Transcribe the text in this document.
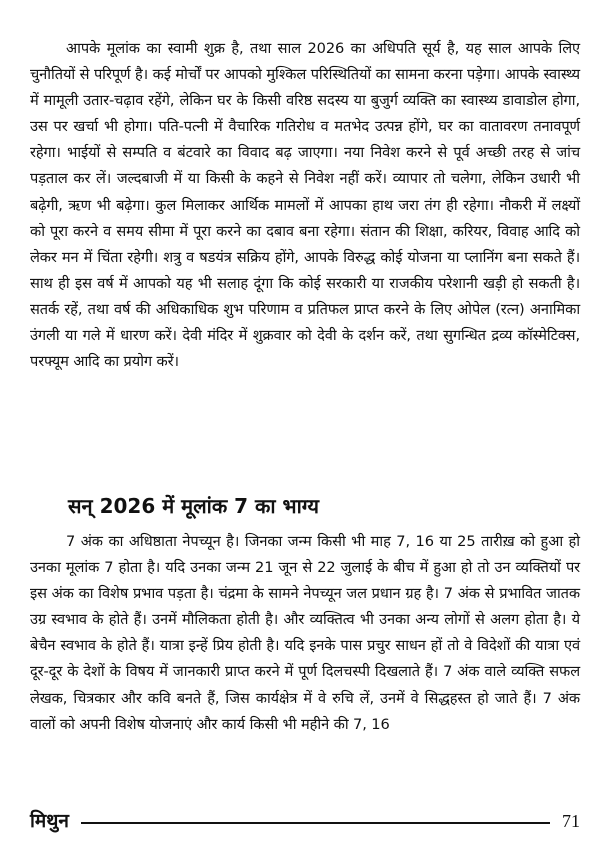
आपके मूलांक का स्वामी शुक्र है, तथा साल 2026 का अधिपति सूर्य है, यह साल आपके लिए चुनौतियों से परिपूर्ण है। कई मोर्चों पर आपको मुश्किल परिस्थितियों का सामना करना पड़ेगा। आपके स्वास्थ्य में मामूली उतार-चढ़ाव रहेंगे, लेकिन घर के किसी वरिष्ठ सदस्य या बुजुर्ग व्यक्ति का स्वास्थ्य डावाडोल होगा, उस पर खर्चा भी होगा। पति-पत्नी में वैचारिक गतिरोध व मतभेद उत्पन्न होंगे, घर का वातावरण तनावपूर्ण रहेगा। भाईयों से सम्पति व बंटवारे का विवाद बढ़ जाएगा। नया निवेश करने से पूर्व अच्छी तरह से जांच पड़ताल कर लें। जल्दबाजी में या किसी के कहने से निवेश नहीं करें। व्यापार तो चलेगा, लेकिन उधारी भी बढ़ेगी, ऋण भी बढ़ेगा। कुल मिलाकर आर्थिक मामलों में आपका हाथ जरा तंग ही रहेगा। नौकरी में लक्ष्यों को पूरा करने व समय सीमा में पूरा करने का दबाव बना रहेगा। संतान की शिक्षा, करियर, विवाह आदि को लेकर मन में चिंता रहेगी। शत्रु व षडयंत्र सक्रिय होंगे, आपके विरुद्ध कोई योजना या प्लानिंग बना सकते हैं। साथ ही इस वर्ष में आपको यह भी सलाह दूंगा कि कोई सरकारी या राजकीय परेशानी खड़ी हो सकती है। सतर्क रहें, तथा वर्ष की अधिकाधिक शुभ परिणाम व प्रतिफल प्राप्त करने के लिए ओपेल (रत्न) अनामिका उंगली या गले में धारण करें। देवी मंदिर में शुक्रवार को देवी के दर्शन करें, तथा सुगन्धित द्रव्य कॉस्मेटिक्स, परफ्यूम आदि का प्रयोग करें।

सन् 2026 में मूलांक 7 का भाग्य

7 अंक का अधिष्ठाता नेपच्यून है। जिनका जन्म किसी भी माह 7, 16 या 25 तारीख़ को हुआ हो उनका मूलांक 7 होता है। यदि उनका जन्म 21 जून से 22 जुलाई के बीच में हुआ हो तो उन व्यक्तियों पर इस अंक का विशेष प्रभाव पड़ता है। चंद्रमा के सामने नेपच्यून जल प्रधान ग्रह है। 7 अंक से प्रभावित जातक उग्र स्वभाव के होते हैं। उनमें मौलिकता होती है। और व्यक्तित्व भी उनका अन्य लोगों से अलग होता है। ये बेचैन स्वभाव के होते हैं। यात्रा इन्हें प्रिय होती है। यदि इनके पास प्रचुर साधन हों तो वे विदेशों की यात्रा एवं दूर-दूर के देशों के विषय में जानकारी प्राप्त करने में पूर्ण दिलचस्पी दिखलाते हैं। 7 अंक वाले व्यक्ति सफल लेखक, चित्रकार और कवि बनते हैं, जिस कार्यक्षेत्र में वे रुचि लें, उनमें वे सिद्धहस्त हो जाते हैं। 7 अंक वालों को अपनी विशेष योजनाएं और कार्य किसी भी महीने की 7, 16

मिथुन	71
